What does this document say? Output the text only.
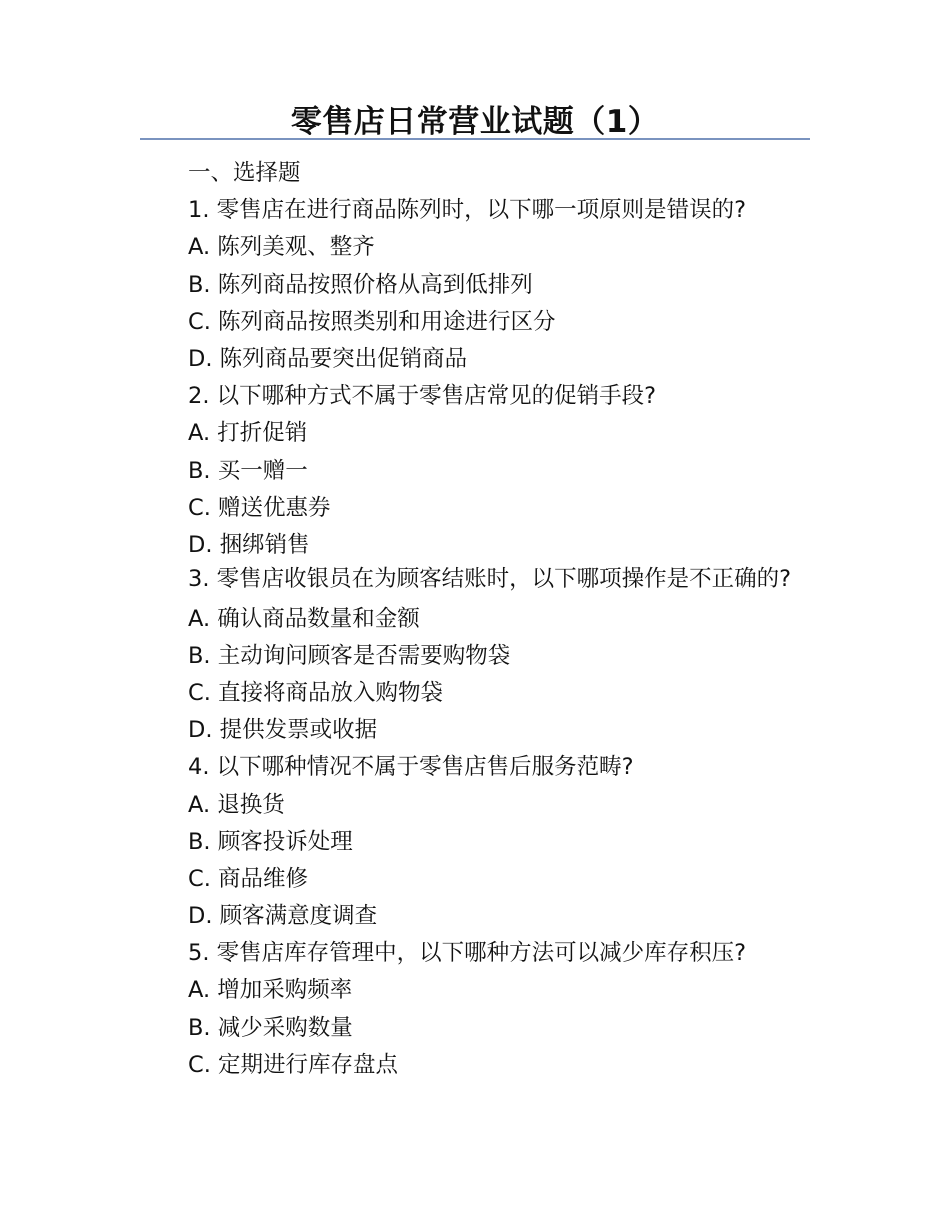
零售店日常营业试题（1）
一、选择题
1. 零售店在进行商品陈列时，以下哪一项原则是错误的?
A. 陈列美观、整齐
B. 陈列商品按照价格从高到低排列
C. 陈列商品按照类别和用途进行区分
D. 陈列商品要突出促销商品
2. 以下哪种方式不属于零售店常见的促销手段?
A. 打折促销
B. 买一赠一
C. 赠送优惠券
D. 捆绑销售
3. 零售店收银员在为顾客结账时，以下哪项操作是不正确的?
A. 确认商品数量和金额
B. 主动询问顾客是否需要购物袋
C. 直接将商品放入购物袋
D. 提供发票或收据
4. 以下哪种情况不属于零售店售后服务范畴?
A. 退换货
B. 顾客投诉处理
C. 商品维修
D. 顾客满意度调查
5. 零售店库存管理中，以下哪种方法可以减少库存积压?
A. 增加采购频率
B. 减少采购数量
C. 定期进行库存盘点
